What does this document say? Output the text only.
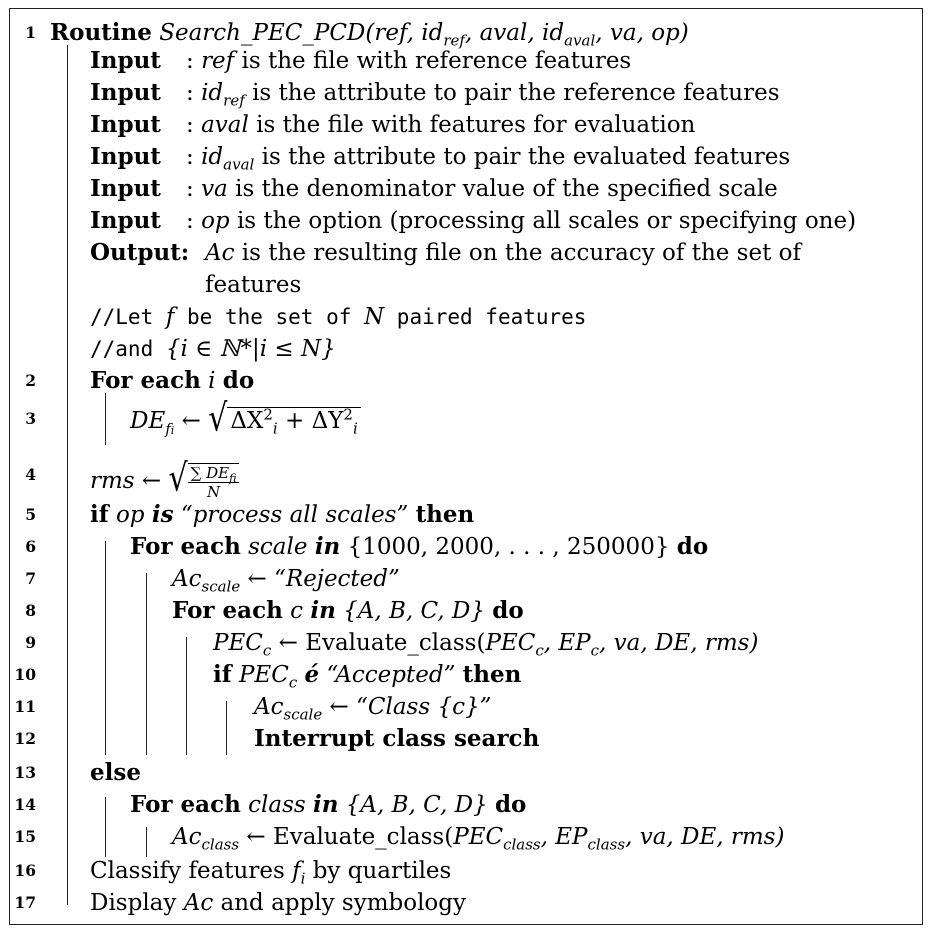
1 Routine Search_PEC_PCD(ref, $id_{ref}$, aval, $id_{aval}$, va, op)
Input : ref is the file with reference features
Input : $id_{ref}$ is the attribute to pair the reference features
Input : aval is the file with features for evaluation
Input : $id_{aval}$ is the attribute to pair the evaluated features
Input : va is the denominator value of the specified scale
Input : op is the option (processing all scales or specifying one)
Output: Ac is the resulting file on the accuracy of the set of
features
//Let f be the set of N paired features
//and {i ∈ ℕ*|i ≤ N}
2 For each i do
3	$DE_{fi}$ ← √ $\Delta X^2_i + \Delta Y^2_i$
4 rms ← √ $\frac{\sum DE_{fi}}{N}$
5 if op is “process all scales” then
6	For each scale in {1000, 2000, . . . , 250000} do
7	$Ac_{scale}$ ← “Rejected”
8	For each c in {A, B, C, D} do
9	$PEC_c$ ← $Evaluate\_class(PEC_c$, $EP_c$, va, DE, rms)
10	if $PEC_c$ é “Accepted” then
11	$Ac_{scale}$ ← “Class {c}”
12	Interrupt class search
13 else
14	For each class in {A, B, C, D} do
15	$Ac_{class}$ ← $Evaluate\_class(PEC_{class}$, $EP_{class}$, va, DE, rms)
16 Classify features $f_i$ by quartiles
17 Display Ac and apply symbology
